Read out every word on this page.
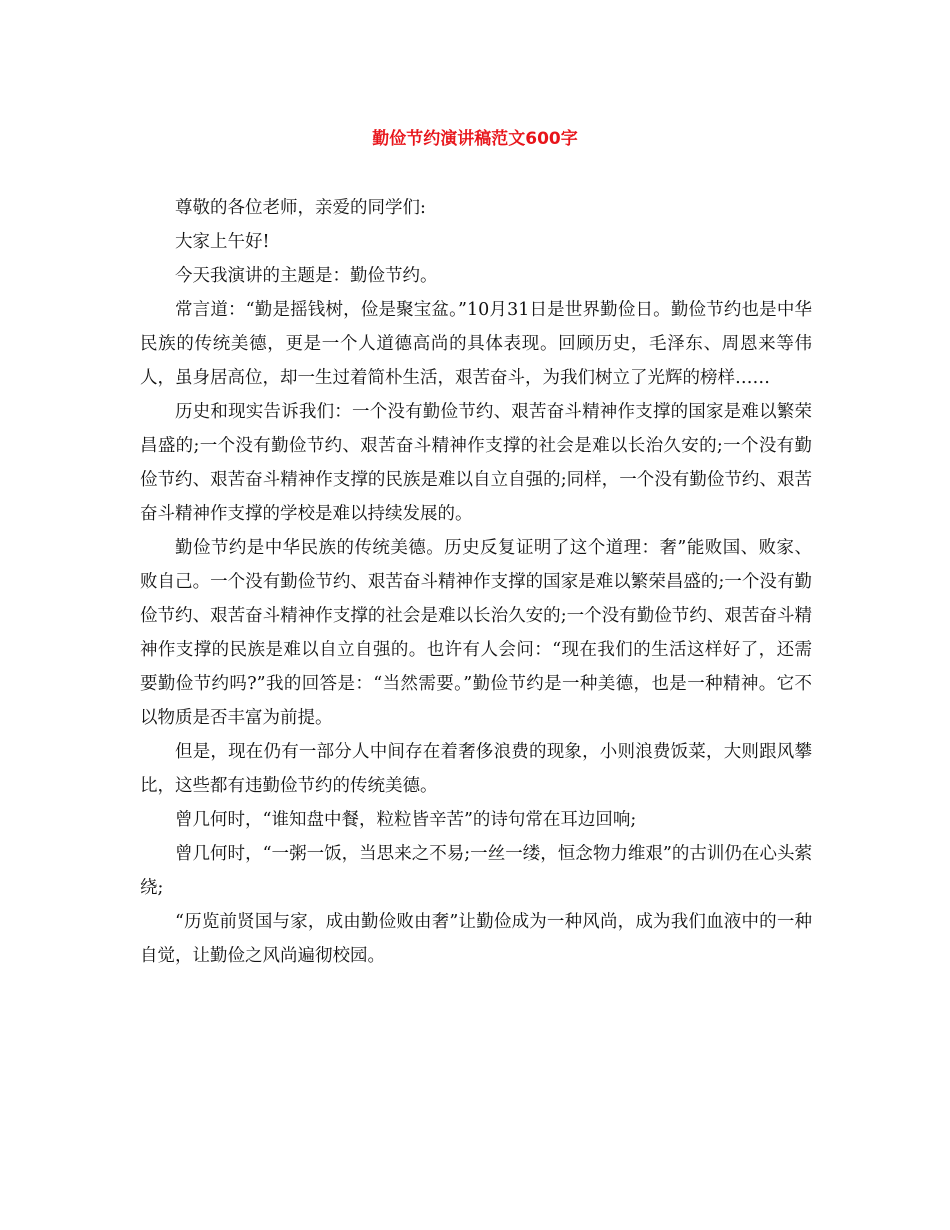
勤俭节约演讲稿范文600字

尊敬的各位老师，亲爱的同学们:

大家上午好!

今天我演讲的主题是：勤俭节约。

常言道：“勤是摇钱树，俭是聚宝盆。”10月31日是世界勤俭日。勤俭节约也是中华民族的传统美德，更是一个人道德高尚的具体表现。回顾历史，毛泽东、周恩来等伟人，虽身居高位，却一生过着简朴生活，艰苦奋斗，为我们树立了光辉的榜样……

历史和现实告诉我们：一个没有勤俭节约、艰苦奋斗精神作支撑的国家是难以繁荣昌盛的;一个没有勤俭节约、艰苦奋斗精神作支撑的社会是难以长治久安的;一个没有勤俭节约、艰苦奋斗精神作支撑的民族是难以自立自强的;同样，一个没有勤俭节约、艰苦奋斗精神作支撑的学校是难以持续发展的。

勤俭节约是中华民族的传统美德。历史反复证明了这个道理：奢”能败国、败家、败自己。一个没有勤俭节约、艰苦奋斗精神作支撑的国家是难以繁荣昌盛的;一个没有勤俭节约、艰苦奋斗精神作支撑的社会是难以长治久安的;一个没有勤俭节约、艰苦奋斗精神作支撑的民族是难以自立自强的。也许有人会问：“现在我们的生活这样好了，还需要勤俭节约吗?”我的回答是：“当然需要。”勤俭节约是一种美德，也是一种精神。它不以物质是否丰富为前提。

但是，现在仍有一部分人中间存在着奢侈浪费的现象，小则浪费饭菜，大则跟风攀比，这些都有违勤俭节约的传统美德。

曾几何时，“谁知盘中餐，粒粒皆辛苦”的诗句常在耳边回响;

曾几何时，“一粥一饭，当思来之不易;一丝一缕，恒念物力维艰”的古训仍在心头萦绕;

“历览前贤国与家，成由勤俭败由奢”让勤俭成为一种风尚，成为我们血液中的一种自觉，让勤俭之风尚遍彻校园。
